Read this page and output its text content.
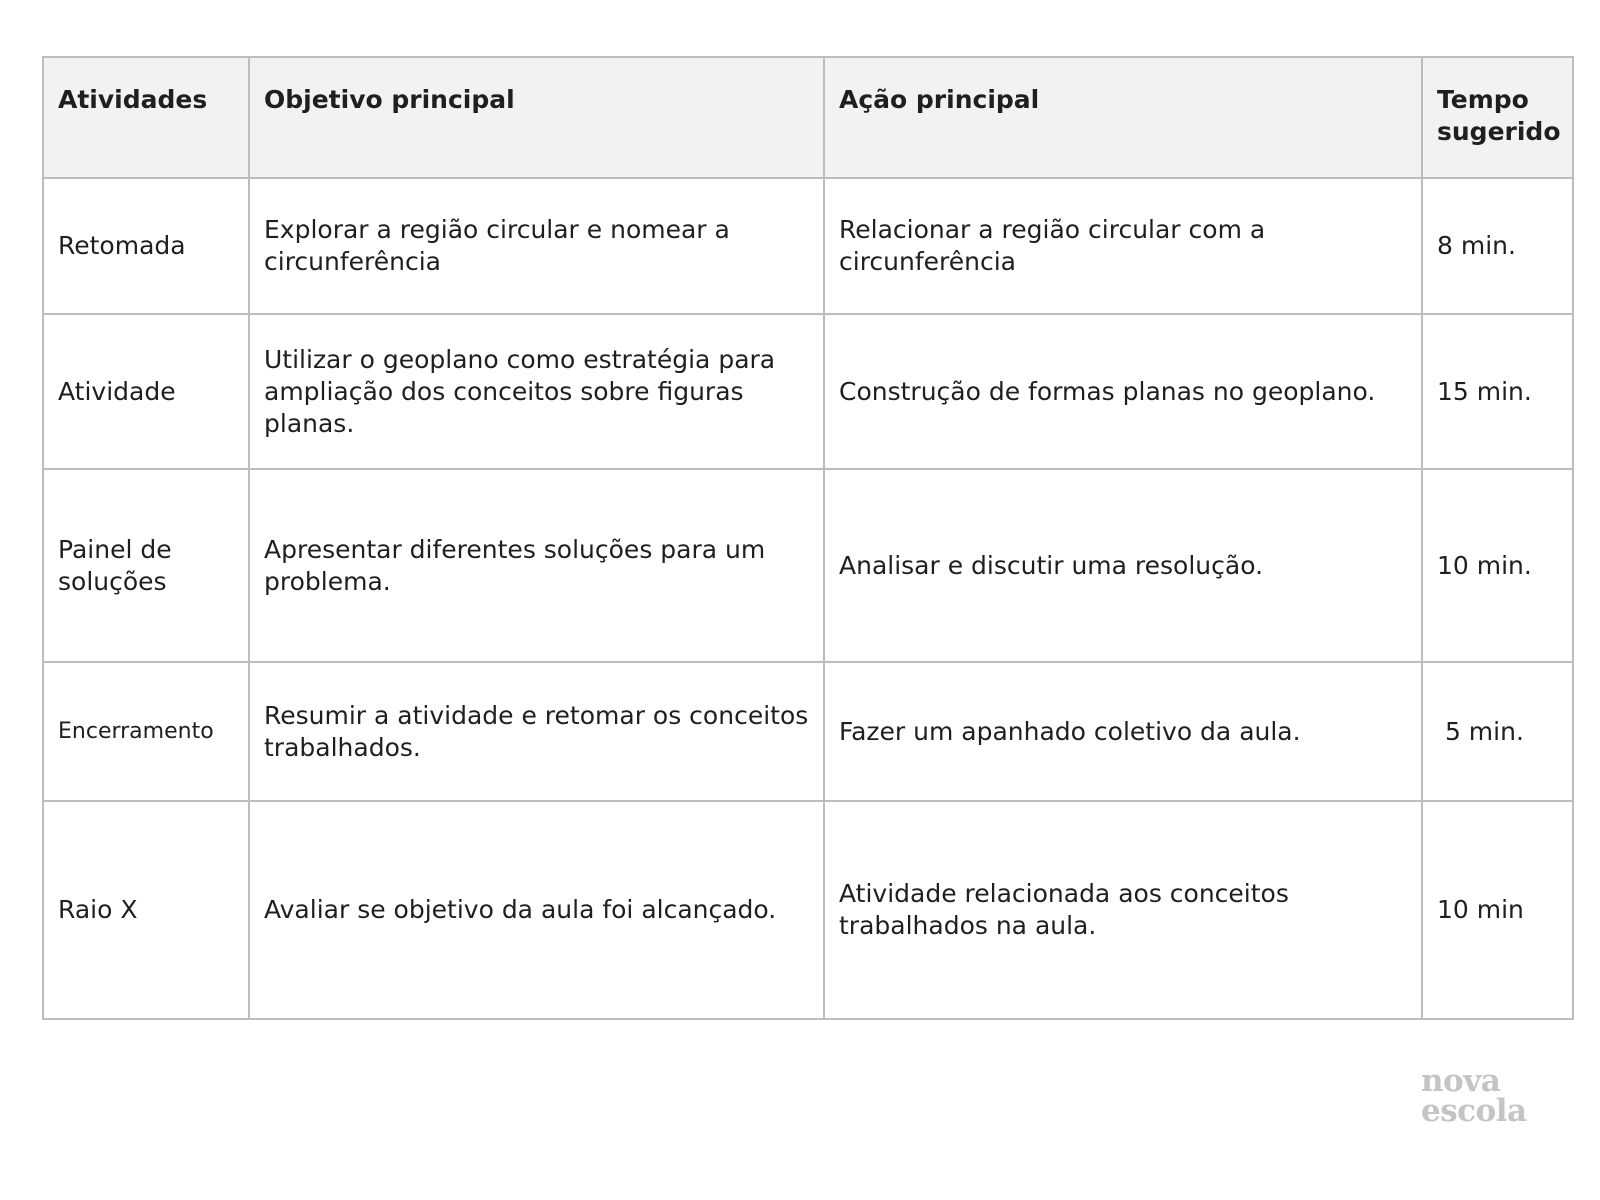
Atividades	Objetivo principal	Ação principal	Tempo sugerido
Retomada	Explorar a região circular e nomear a circunferência	Relacionar a região circular com a circunferência	8 min.
Atividade	Utilizar o geoplano como estratégia para ampliação dos conceitos sobre figuras planas.	Construção de formas planas no geoplano.	15 min.
Painel de soluções	Apresentar diferentes soluções para um problema.	Analisar e discutir uma resolução.	10 min.
Encerramento	Resumir a atividade e retomar os conceitos trabalhados.	Fazer um apanhado coletivo da aula.	5 min.
Raio X	Avaliar se objetivo da aula foi alcançado.	Atividade relacionada aos conceitos trabalhados na aula.	10 min
nova
escola
